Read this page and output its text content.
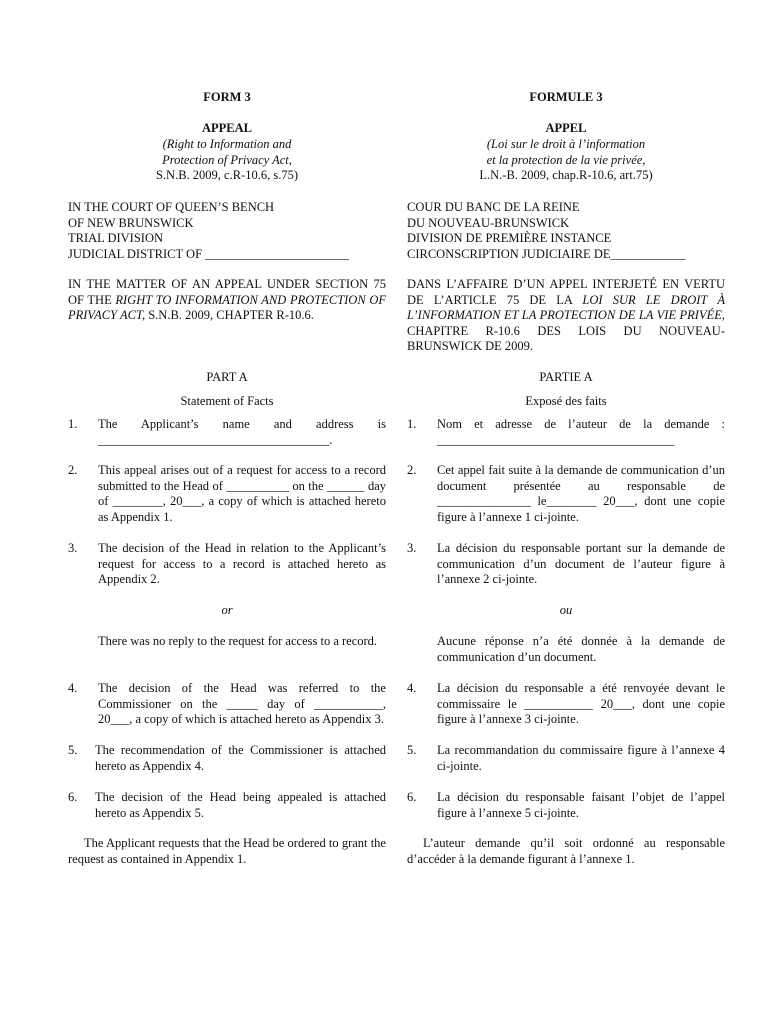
FORM 3
APPEAL
(Right to Information and
Protection of Privacy Act,
S.N.B. 2009, c.R-10.6, s.75)
IN THE COURT OF QUEEN’S BENCH
OF NEW BRUNSWICK
TRIAL DIVISION
JUDICIAL DISTRICT OF _______________________
IN THE MATTER OF AN APPEAL UNDER SECTION 75 OF THE RIGHT TO INFORMATION AND PROTECTION OF PRIVACY ACT, S.N.B. 2009, CHAPTER R-10.6.
PART A
Statement of Facts
1. The Applicant’s name and address is _____________________________________.

2. This appeal arises out of a request for access to a record submitted to the Head of __________ on the ______ day of ________, 20___, a copy of which is attached hereto as Appendix 1.

3. The decision of the Head in relation to the Applicant’s request for access to a record is attached hereto as Appendix 2.

or

There was no reply to the request for access to a record.

4. The decision of the Head was referred to the Commissioner on the _____ day of ___________, 20___, a copy of which is attached hereto as Appendix 3.

5. The recommendation of the Commissioner is attached hereto as Appendix 4.

6. The decision of the Head being appealed is attached hereto as Appendix 5.

The Applicant requests that the Head be ordered to grant the request as contained in Appendix 1.

FORMULE 3
APPEL
(Loi sur le droit à l’information
et la protection de la vie privée,
L.N.-B. 2009, chap.R-10.6, art.75)
COUR DU BANC DE LA REINE
DU NOUVEAU-BRUNSWICK
DIVISION DE PREMIÈRE INSTANCE
CIRCONSCRIPTION JUDICIAIRE DE____________
DANS L’AFFAIRE D’UN APPEL INTERJETÉ EN VERTU DE L’ARTICLE 75 DE LA LOI SUR LE DROIT À L’INFORMATION ET LA PROTECTION DE LA VIE PRIVÉE, CHAPITRE R-10.6 DES LOIS DU NOUVEAU-BRUNSWICK DE 2009.
PARTIE A
Exposé des faits
1. Nom et adresse de l’auteur de la demande : ______________________________________

2. Cet appel fait suite à la demande de communication d’un document présentée au responsable de _______________ le________ 20___, dont une copie figure à l’annexe 1 ci-jointe.

3. La décision du responsable portant sur la demande de communication d’un document de l’auteur figure à l’annexe 2 ci-jointe.

ou

Aucune réponse n’a été donnée à la demande de communication d’un document.

4. La décision du responsable a été renvoyée devant le commissaire le ___________ 20___, dont une copie figure à l’annexe 3 ci-jointe.

5. La recommandation du commissaire figure à l’annexe 4 ci-jointe.

6. La décision du responsable faisant l’objet de l’appel figure à l’annexe 5 ci-jointe.

L’auteur demande qu’il soit ordonné au responsable d’accéder à la demande figurant à l’annexe 1.
